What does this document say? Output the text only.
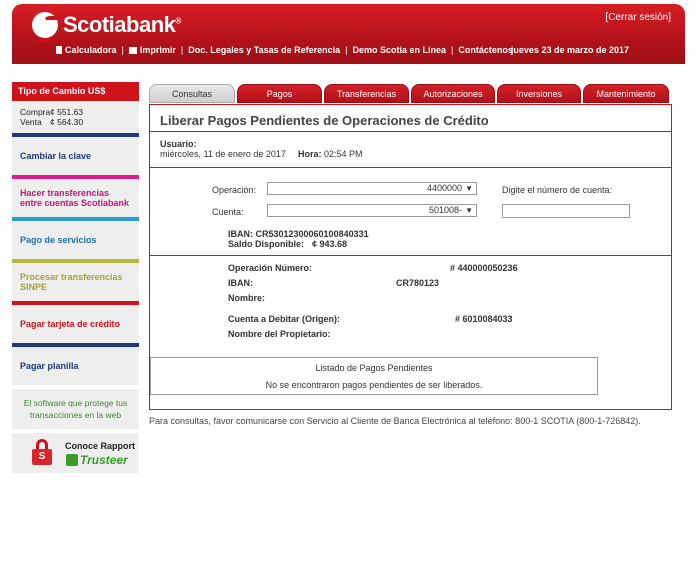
Scotiabank®	[Cerrar sesión]
Calculadora | Imprimir | Doc. Legales y Tasas de Referencia | Demo Scotia en Línea | Contáctenos
jueves 23 de marzo de 2017
Tipo de Cambio US$
Compra ¢ 551.63
Venta ¢ 564.30
Cambiar la clave
Hacer transferencias entre cuentas Scotiabank
Pago de servicios
Procesar transferencias SINPE
Pagar tarjeta de crédito
Pagar planilla
El software que protege tus transacciones en la web
S
Conoce Rapport
Trusteer
Consultas	Pagos	Transferencias	Autorizaciones	Inversiones	Mantenimiento
Liberar Pagos Pendientes de Operaciones de Crédito
Usuario:
miércoles, 11 de enero de 2017 Hora: 02:54 PM
Operación:	4400000 ▼	Digite el número de cuenta:
Cuenta:	501008- ▼
IBAN: CR53012300060100840331
Saldo Disponible: ¢ 943.68
Operación Número:	# 440000050236
IBAN:	CR780123
Nombre:
Cuenta a Debitar (Origen):	# 6010084033
Nombre del Propietario:
Listado de Pagos Pendientes
No se encontraron pagos pendientes de ser liberados.
Para consultas, favor comunicarse con Servicio al Cliente de Banca Electrónica al teléfono: 800-1 SCOTIA (800-1-726842).
